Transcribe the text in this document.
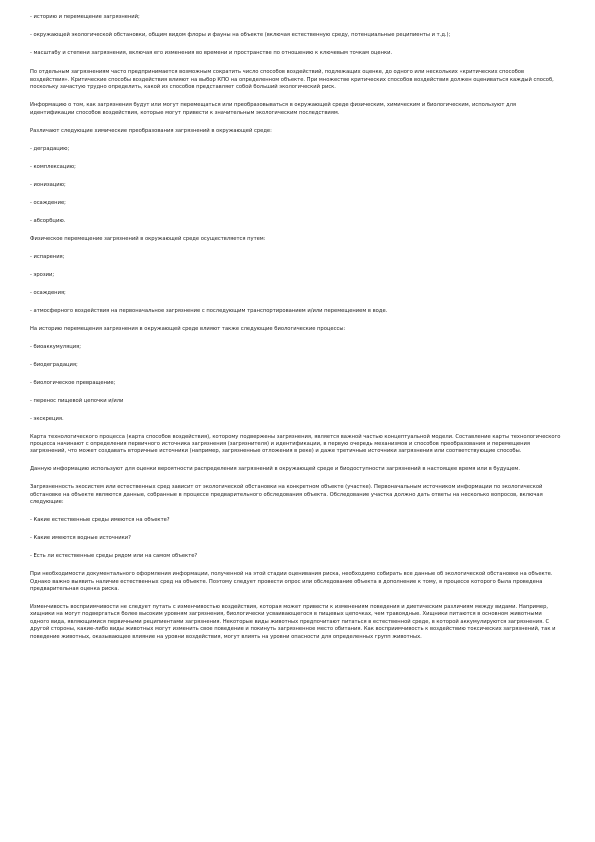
- историю и перемещение загрязнений;

- окружающей экологической обстановки, общим видом флоры и фауны на объекте (включая естественную среду, потенциальные реципиенты и т.д.);

- масштабу и степени загрязнения, включая его изменения во времени и пространстве по отношению к ключевым точкам оценки.

По отдельным загрязнениям часто предпринимается возможным сократить число способов воздействий, подлежащих оценке, до одного или нескольких «критических способов воздействия». Критические способы воздействия влияют на выбор КПО на определенном объекте. При множестве критических способов воздействия должен оцениваться каждый способ, поскольку зачастую трудно определить, какой из способов представляет собой больший экологический риск.

Информацию о том, как загрязнения будут или могут перемещаться или преобразовываться в окружающей среде физическим, химическим и биологическим, используют для идентификации способов воздействия, которые могут привести к значительным экологическим последствиям.

Различают следующие химические преобразования загрязнений в окружающей среде:

- деградацию;

- комплексацию;

- ионизацию;

- осаждение;

- абсорбцию.

Физическое перемещение загрязнений в окружающей среде осуществляется путем:

- испарения;

- эрозии;

- осаждения;

- атмосферного воздействия на первоначальное загрязнение с последующим транспортированием и/или перемещением в воде.

На историю перемещения загрязнения в окружающей среде влияют также следующие биологические процессы:

- биоаккумуляция;

- биодеградация;

- биологическое превращение;

- перенос пищевой цепочки и/или

- экскреция.

Карта технологического процесса (карта способов воздействия), которому подвержены загрязнения, является важной частью концептуальной модели. Составление карты технологического процесса начинают с определения первичного источника загрязнения (загрязнителя) и идентификации, в первую очередь механизмов и способов преобразования и перемещения загрязнений, что может создавать вторичные источники (например, загрязненные отложения в реке) и даже третичные источники загрязнения или соответствующие способы.

Данную информацию используют для оценки вероятности распределения загрязнений в окружающей среде и биодоступности загрязнений в настоящее время или в будущем.

Загрязненность экосистем или естественных сред зависит от экологической обстановки на конкретном объекте (участке). Первоначальным источником информации по экологической обстановке на объекте являются данные, собранные в процессе предварительного обследования объекта. Обследование участка должно дать ответы на несколько вопросов, включая следующие:

- Какие естественные среды имеются на объекте?

- Какие имеются водные источники?

- Есть ли естественные среды рядом или на самом объекте?

При необходимости документального оформления информации, полученной на этой стадии оценивания риска, необходимо собирать все данные об экологической обстановке на объекте. Однако важно выявить наличие естественных сред на объекте. Поэтому следует провести опрос или обследование объекта в дополнение к тому, в процессе которого была проведена предварительная оценка риска.

Изменчивость восприимчивости не следует путать с изменчивостью воздействия, которая может привести к изменениям поведения и диетическим различиям между видами. Например, хищники на могут подвергаться более высоким уровням загрязнения, биологически усваивающегося в пищевых цепочках, чем травоядные. Хищники питаются в основном животными одного вида, являющимися первичными реципиентами загрязнения. Некоторые виды животных предпочитают питаться в естественной среде, в которой аккумулируются загрязнения. С другой стороны, какие-либо виды животных могут изменить свое поведение и покинуть загрязненное место обитания. Как восприимчивость к воздействию токсических загрязнений, так и поведение животных, оказывающее влияние на уровни воздействия, могут влиять на уровни опасности для определенных групп животных.
